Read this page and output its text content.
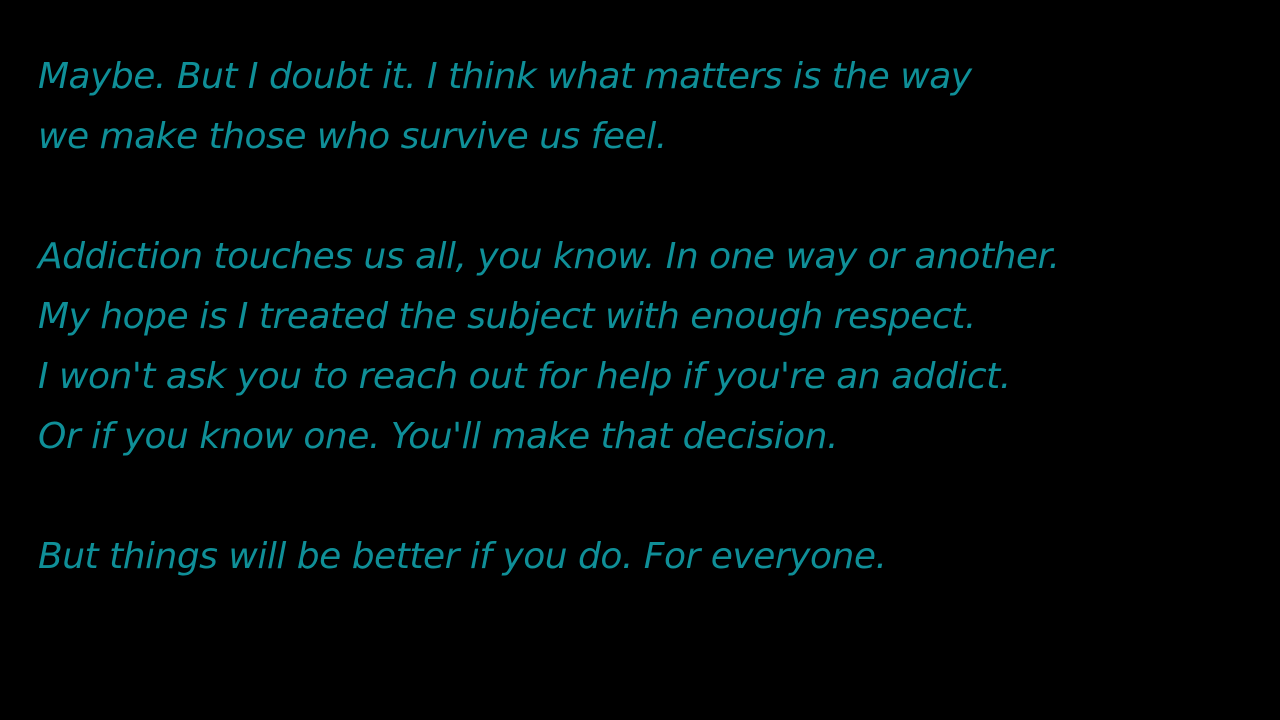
Maybe. But I doubt it. I think what matters is the way
we make those who survive us feel.
Addiction touches us all, you know. In one way or another.
My hope is I treated the subject with enough respect.
I won't ask you to reach out for help if you're an addict.
Or if you know one. You'll make that decision.
But things will be better if you do. For everyone.
